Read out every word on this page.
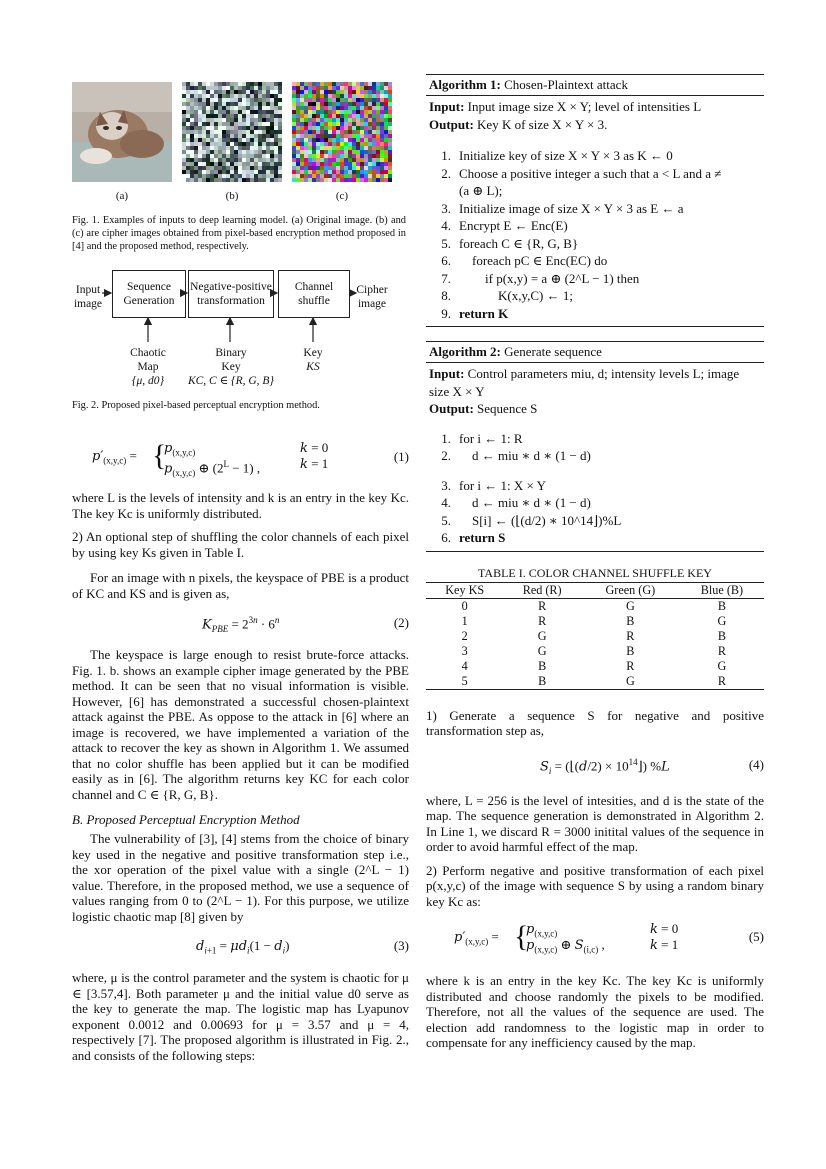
(a)	(b)	(c)

Fig. 1. Examples of inputs to deep learning model. (a) Original image. (b) and (c) are cipher images obtained from pixel-based encryption method proposed in [4] and the proposed method, respectively.

Input image
Sequence Generation
Negative-positive transformation
Channel shuffle
Cipher image
Chaotic Map
{μ, d0}
Binary Key
KC, C ∈ {R, G, B}
Key
KS

Fig. 2. Proposed pixel-based perceptual encryption method.

$p'_{(x,y,c)}$ = {
$p_{(x,y,c)}$
$p_{(x,y,c)}$ ⊕ $(2^L - 1)$ ,
k = 0
k = 1	(1)

where L is the levels of intensity and k is an entry in the key Kc. The key Kc is uniformly distributed.

2) An optional step of shuffling the color channels of each pixel by using key Ks given in Table I.

For an image with n pixels, the keyspace of PBE is a product of KC and KS and is given as,

$K_{PBE} = 2^{3n} \cdot 6^n$	(2)

The keyspace is large enough to resist brute-force attacks. Fig. 1. b. shows an example cipher image generated by the PBE method. It can be seen that no visual information is visible. However, [6] has demonstrated a successful chosen-plaintext attack against the PBE. As oppose to the attack in [6] where an image is recovered, we have implemented a variation of the attack to recover the key as shown in Algorithm 1. We assumed that no color shuffle has been applied but it can be modified easily as in [6]. The algorithm returns key KC for each color channel and C ∈ {R, G, B}.

B. Proposed Perceptual Encryption Method

The vulnerability of [3], [4] stems from the choice of binary key used in the negative and positive transformation step i.e., the xor operation of the pixel value with a single (2^L − 1) value. Therefore, in the proposed method, we use a sequence of values ranging from 0 to (2^L − 1). For this purpose, we utilize logistic chaotic map [8] given by

$d_{i+1} = \mu d_i(1 - d_i)$	(3)

where, μ is the control parameter and the system is chaotic for μ ∈ [3.57,4]. Both parameter μ and the initial value d0 serve as the key to generate the map. The logistic map has Lyapunov exponent 0.0012 and 0.00693 for μ = 3.57 and μ = 4, respectively [7]. The proposed algorithm is illustrated in Fig. 2., and consists of the following steps:

Algorithm 1: Chosen-Plaintext attack
Input: Input image size X × Y; level of intensities L
Output: Key K of size X × Y × 3.
1. Initialize key of size X × Y × 3 as K ← 0
2. Choose a positive integer a such that a < L and a ≠
(a ⊕ L);
3. Initialize image of size X × Y × 3 as E ← a
4. Encrypt E ← Enc(E)
5. foreach C ∈ {R, G, B}
6.    foreach pC ∈ Enc(EC) do
7.        if p(x,y) = a ⊕ (2^L − 1) then
8.            K(x,y,C) ← 1;
9. return K
Algorithm 2: Generate sequence
Input: Control parameters miu, d; intensity levels L; image size X × Y
Output: Sequence S
1. for i ← 1: R
2.    d ← miu ∗ d ∗ (1 − d)
3. for i ← 1: X × Y
4.    d ← miu ∗ d ∗ (1 − d)
5.    S[i] ← (⌊(d/2) ∗ 10^14⌋)%L
6. return S
TABLE I. COLOR CHANNEL SHUFFLE KEY
Key KS	Red (R)	Green (G)	Blue (B)
0	R	G	B
1	R	B	G
2	G	R	B
3	G	B	R
4	B	R	G
5	B	G	R

1) Generate a sequence S for negative and positive transformation step as,

$S_i$ = (⌊(d/2) × $10^{14}⌋$) %L	(4)

where, L = 256 is the level of intesities, and d is the state of the map. The sequence generation is demonstrated in Algorithm 2. In Line 1, we discard R = 3000 initital values of the sequence in order to avoid harmful effect of the map.

2) Perform negative and positive transformation of each pixel p(x,y,c) of the image with sequence S by using a random binary key Kc as:

$p'_{(x,y,c)}$ = {
$p_{(x,y,c)}$
$p_{(x,y,c)}$ ⊕ $S_{(i,c)}$ ,
k = 0
k = 1
(5)

where k is an entry in the key Kc. The key Kc is uniformly distributed and choose randomly the pixels to be modified. Therefore, not all the values of the sequence are used. The election add randomness to the logistic map in order to compensate for any inefficiency caused by the map.
